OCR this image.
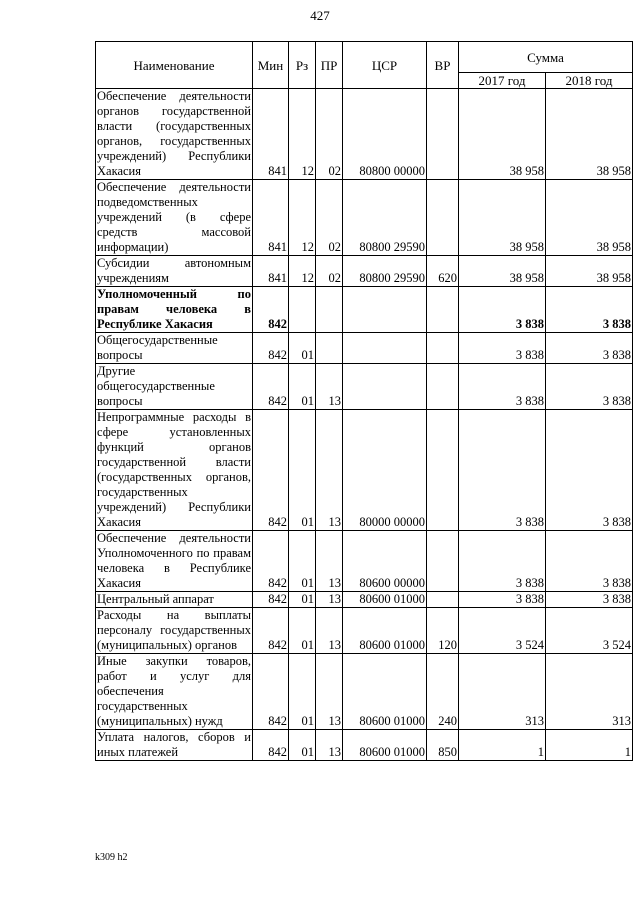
427
Наименование	Мин	Рз	ПР	ЦСР	ВР	Сумма	
						2017 год	2018 год
Обеспечение деятельности органов государственной власти (государственных органов, государственных учреждений) Республики Хакасия	841	12	02	80800 00000		38 958	38 958
Обеспечение деятельности подведомственных учреждений (в сфере средств массовой информации)	841	12	02	80800 29590		38 958	38 958
Субсидии автономным учреждениям	841	12	02	80800 29590	620	38 958	38 958
Уполномоченный по правам человека в Республике Хакасия	842					3 838	3 838
Общегосударственные вопросы	842	01				3 838	3 838
Другие общегосударственные вопросы	842	01	13			3 838	3 838
Непрограммные расходы в сфере установленных функций органов государственной власти (государственных органов, государственных учреждений) Республики Хакасия	842	01	13	80000 00000		3 838	3 838
Обеспечение деятельности Уполномоченного по правам человека в Республике Хакасия	842	01	13	80600 00000		3 838	3 838
Центральный аппарат	842	01	13	80600 01000		3 838	3 838
Расходы на выплаты персоналу государственных (муниципальных) органов	842	01	13	80600 01000	120	3 524	3 524
Иные закупки товаров, работ и услуг для обеспечения государственных (муниципальных) нужд	842	01	13	80600 01000	240	313	313
Уплата налогов, сборов и иных платежей	842	01	13	80600 01000	850	1	1
k309 h2
